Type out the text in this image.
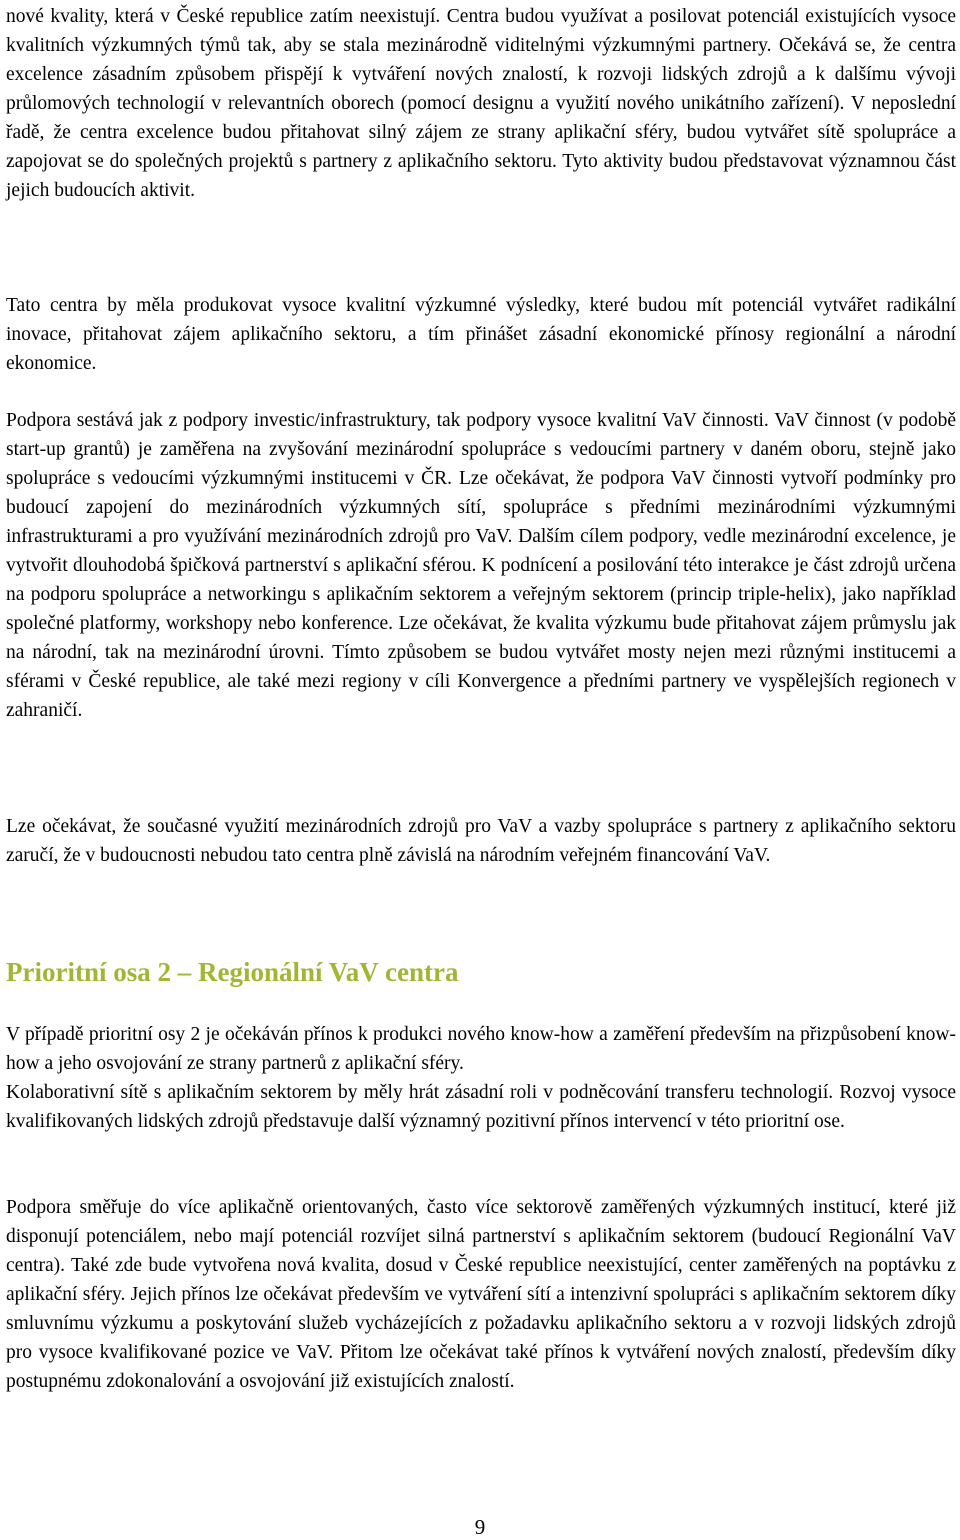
nové kvality, která v České republice zatím neexistují. Centra budou využívat a posilovat potenciál existujících vysoce kvalitních výzkumných týmů tak, aby se stala mezinárodně viditelnými výzkumnými partnery. Očekává se, že centra excelence zásadním způsobem přispějí k vytváření nových znalostí, k rozvoji lidských zdrojů a k dalšímu vývoji průlomových technologií v relevantních oborech (pomocí designu a využití nového unikátního zařízení). V neposlední řadě, že centra excelence budou přitahovat silný zájem ze strany aplikační sféry, budou vytvářet sítě spolupráce a zapojovat se do společných projektů s partnery z aplikačního sektoru. Tyto aktivity budou představovat významnou část jejich budoucích aktivit.

Tato centra by měla produkovat vysoce kvalitní výzkumné výsledky, které budou mít potenciál vytvářet radikální inovace, přitahovat zájem aplikačního sektoru, a tím přinášet zásadní ekonomické přínosy regionální a národní ekonomice.

Podpora sestává jak z podpory investic/infrastruktury, tak podpory vysoce kvalitní VaV činnosti. VaV činnost (v podobě start-up grantů) je zaměřena na zvyšování mezinárodní spolupráce s vedoucími partnery v daném oboru, stejně jako spolupráce s vedoucími výzkumnými institucemi v ČR. Lze očekávat, že podpora VaV činnosti vytvoří podmínky pro budoucí zapojení do mezinárodních výzkumných sítí, spolupráce s předními mezinárodními výzkumnými infrastrukturami a pro využívání mezinárodních zdrojů pro VaV. Dalším cílem podpory, vedle mezinárodní excelence, je vytvořit dlouhodobá špičková partnerství s aplikační sférou. K podnícení a posilování této interakce je část zdrojů určena na podporu spolupráce a networkingu s aplikačním sektorem a veřejným sektorem (princip triple-helix), jako například společné platformy, workshopy nebo konference. Lze očekávat, že kvalita výzkumu bude přitahovat zájem průmyslu jak na národní, tak na mezinárodní úrovni. Tímto způsobem se budou vytvářet mosty nejen mezi různými institucemi a sférami v České republice, ale také mezi regiony v cíli Konvergence a předními partnery ve vyspělejších regionech v zahraničí.

Lze očekávat, že současné využití mezinárodních zdrojů pro VaV a vazby spolupráce s partnery z aplikačního sektoru zaručí, že v budoucnosti nebudou tato centra plně závislá na národním veřejném financování VaV.

Prioritní osa 2 – Regionální VaV centra

V případě prioritní osy 2 je očekáván přínos k produkci nového know-how a zaměření především na přizpůsobení know-how a jeho osvojování ze strany partnerů z aplikační sféry.

Kolaborativní sítě s aplikačním sektorem by měly hrát zásadní roli v podněcování transferu technologií. Rozvoj vysoce kvalifikovaných lidských zdrojů představuje další významný pozitivní přínos intervencí v této prioritní ose.

Podpora směřuje do více aplikačně orientovaných, často více sektorově zaměřených výzkumných institucí, které již disponují potenciálem, nebo mají potenciál rozvíjet silná partnerství s aplikačním sektorem (budoucí Regionální VaV centra). Také zde bude vytvořena nová kvalita, dosud v České republice neexistující, center zaměřených na poptávku z aplikační sféry. Jejich přínos lze očekávat především ve vytváření sítí a intenzivní spolupráci s aplikačním sektorem díky smluvnímu výzkumu a poskytování služeb vycházejících z požadavku aplikačního sektoru a v rozvoji lidských zdrojů pro vysoce kvalifikované pozice ve VaV. Přitom lze očekávat také přínos k vytváření nových znalostí, především díky postupnému zdokonalování a osvojování již existujících znalostí.

9
